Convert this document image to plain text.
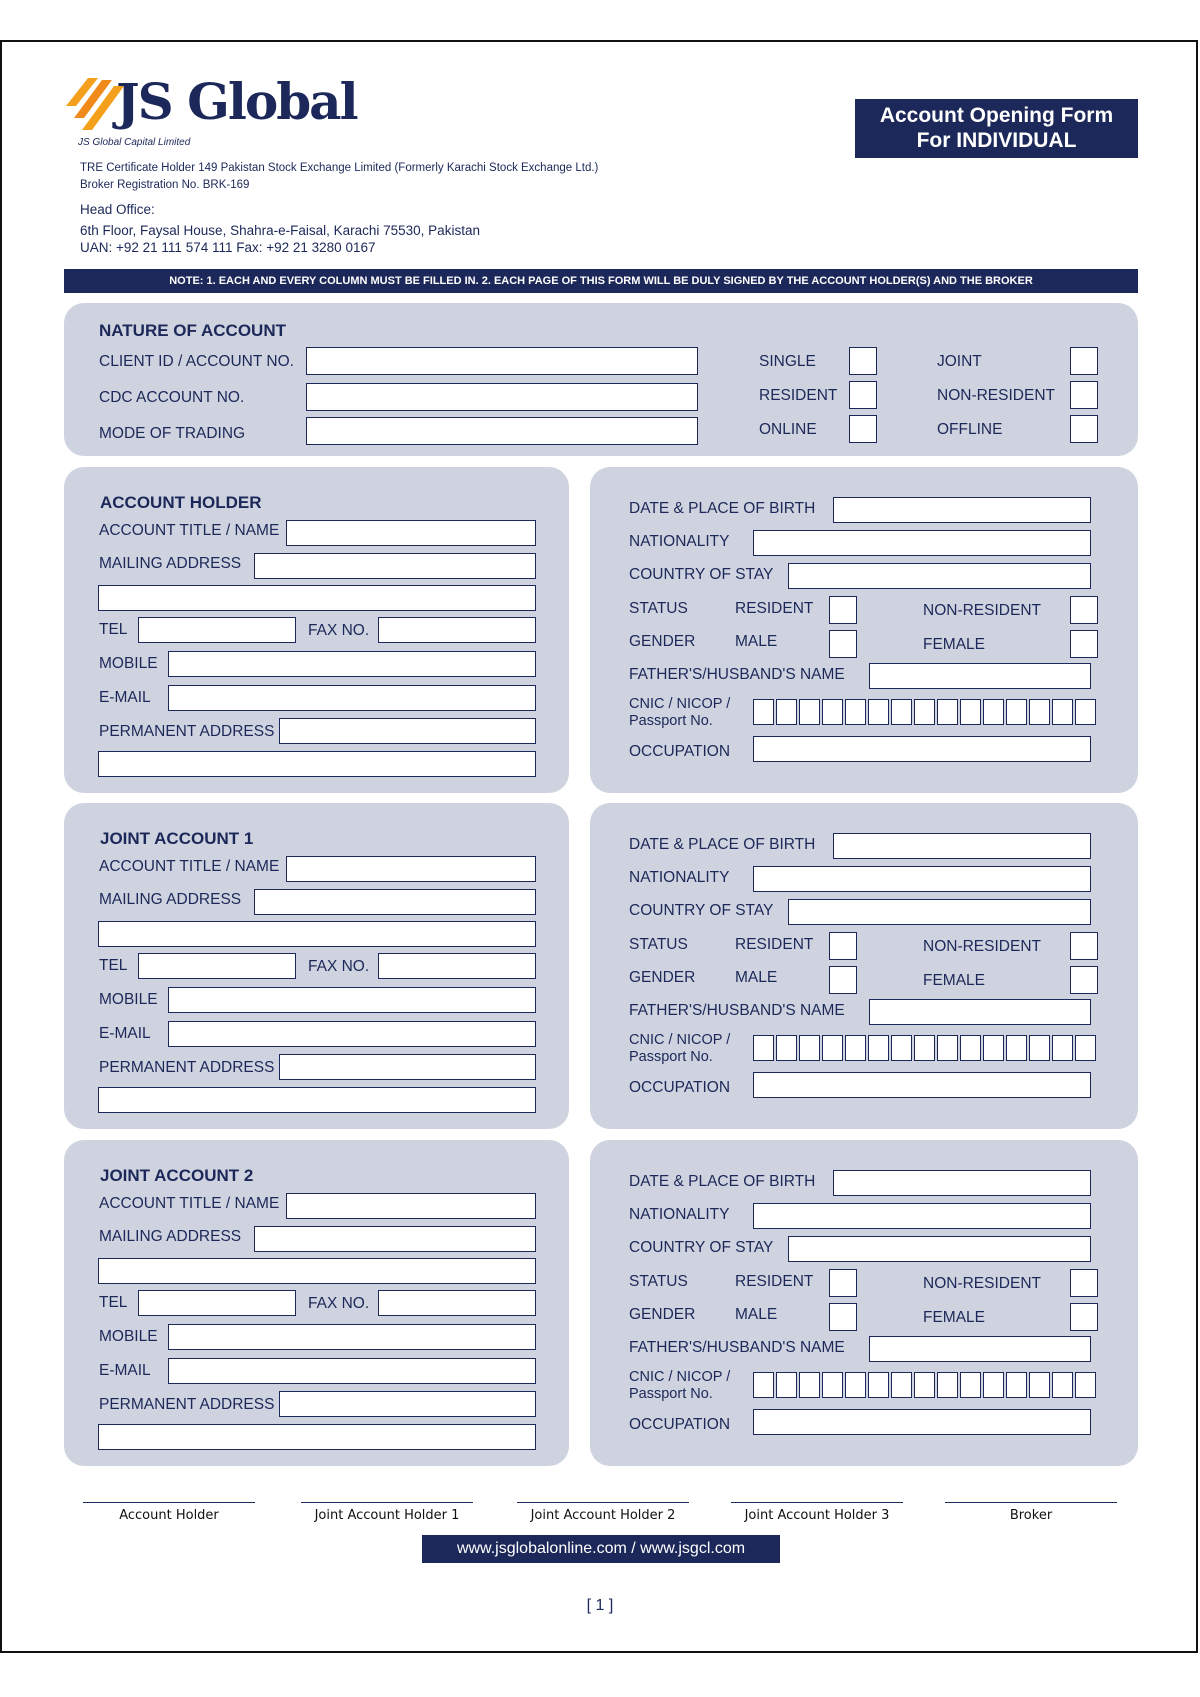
JS Global
JS Global Capital Limited
TRE Certificate Holder 149 Pakistan Stock Exchange Limited (Formerly Karachi Stock Exchange Ltd.)
Broker Registration No. BRK-169
Head Office:
6th Floor, Faysal House, Shahra-e-Faisal, Karachi 75530, Pakistan
UAN: +92 21 111 574 111 Fax: +92 21 3280 0167
Account Opening Form
For INDIVIDUAL
NOTE: 1. EACH AND EVERY COLUMN MUST BE FILLED IN. 2. EACH PAGE OF THIS FORM WILL BE DULY SIGNED BY THE ACCOUNT HOLDER(S) AND THE BROKER
NATURE OF ACCOUNT
CLIENT ID / ACCOUNT NO.
CDC ACCOUNT NO.
MODE OF TRADING
SINGLE	JOINT
RESIDENT	NON-RESIDENT
ONLINE	OFFLINE
ACCOUNT HOLDER
ACCOUNT TITLE / NAME
MAILING ADDRESS
TEL	FAX NO.
MOBILE
E-MAIL
PERMANENT ADDRESS
DATE & PLACE OF BIRTH
NATIONALITY
COUNTRY OF STAY
STATUS	RESIDENT	NON-RESIDENT
GENDER	MALE	FEMALE
FATHER'S/HUSBAND'S NAME
CNIC / NICOP /
Passport No.
OCCUPATION
JOINT ACCOUNT 1
ACCOUNT TITLE / NAME
MAILING ADDRESS
TEL	FAX NO.
MOBILE
E-MAIL
PERMANENT ADDRESS
DATE & PLACE OF BIRTH
NATIONALITY
COUNTRY OF STAY
STATUS	RESIDENT	NON-RESIDENT
GENDER	MALE	FEMALE
FATHER'S/HUSBAND'S NAME
CNIC / NICOP /
Passport No.
OCCUPATION
JOINT ACCOUNT 2
ACCOUNT TITLE / NAME
MAILING ADDRESS
TEL	FAX NO.
MOBILE
E-MAIL
PERMANENT ADDRESS
DATE & PLACE OF BIRTH
NATIONALITY
COUNTRY OF STAY
STATUS	RESIDENT	NON-RESIDENT
GENDER	MALE	FEMALE
FATHER'S/HUSBAND'S NAME
CNIC / NICOP /
Passport No.
OCCUPATION
Account Holder	Joint Account Holder 1	Joint Account Holder 2	Joint Account Holder 3	Broker
www.jsglobalonline.com / www.jsgcl.com
[ 1 ]
